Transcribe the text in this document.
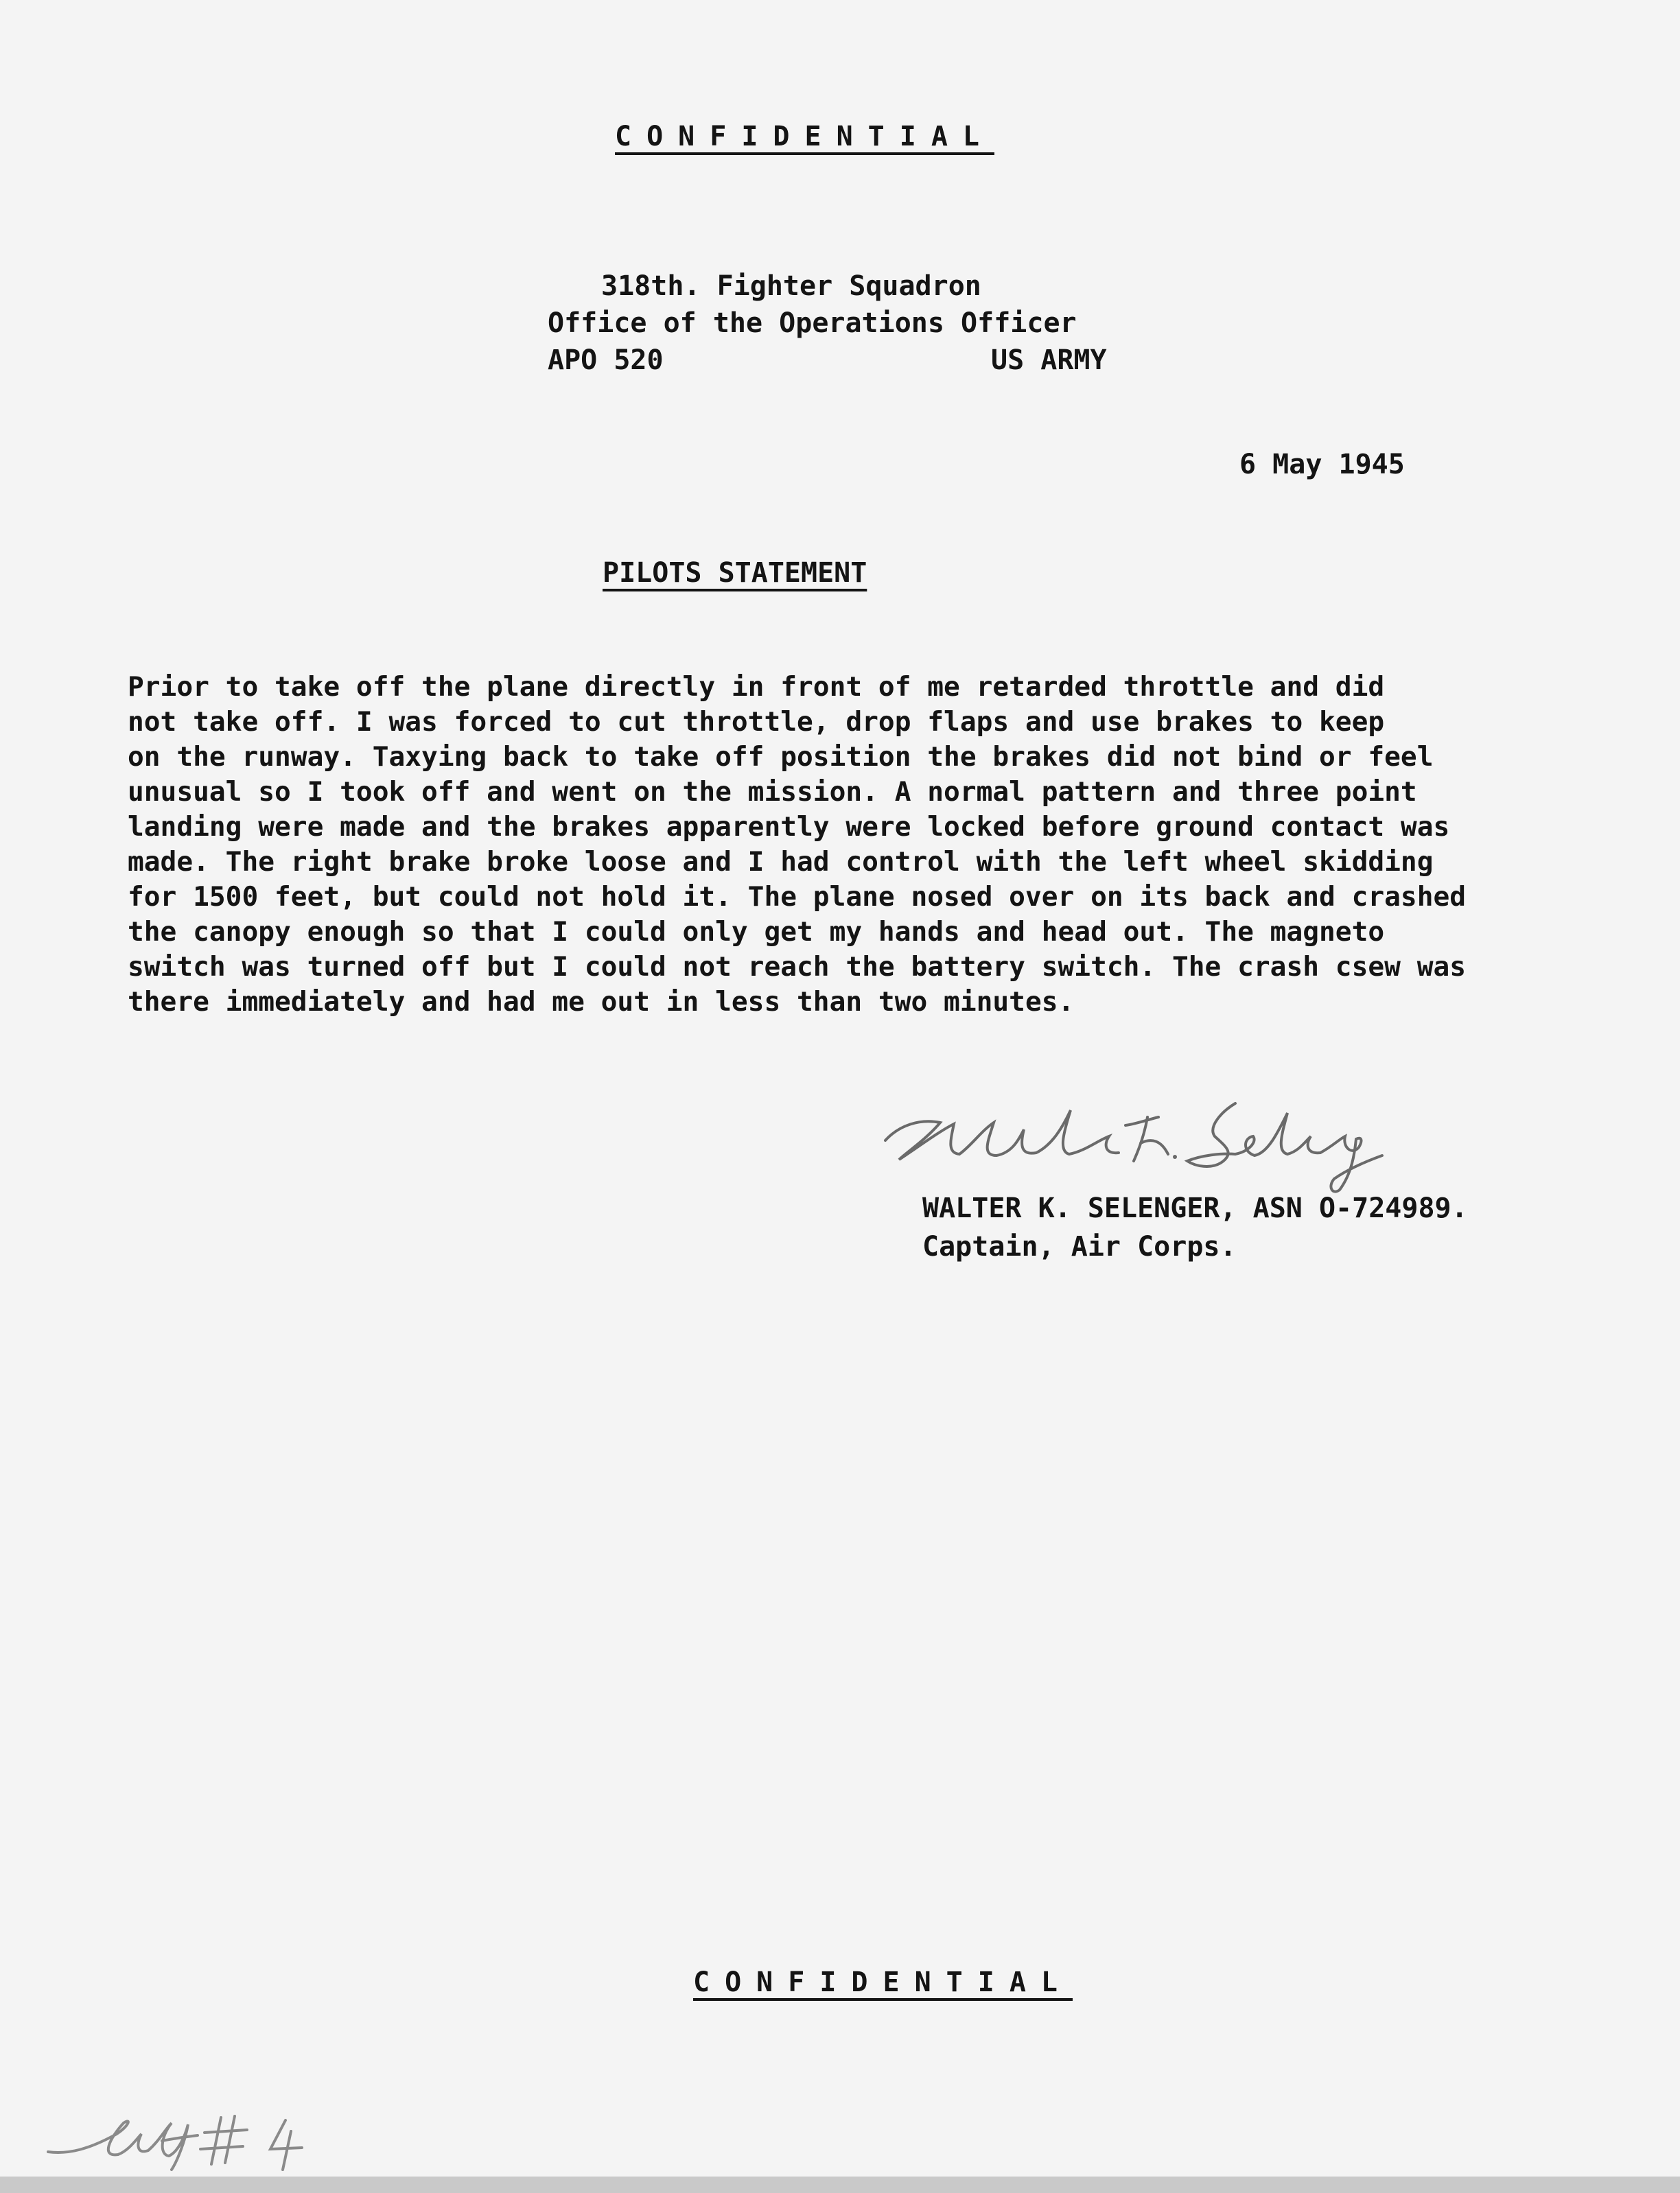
CONFIDENTIAL
318th. Fighter Squadron
Office of the Operations Officer
APO 520	US ARMY
6 May 1945
PILOTS STATEMENT
Prior to take off the plane directly in front of me retarded throttle and did
not take off. I was forced to cut throttle, drop flaps and use brakes to keep
on the runway. Taxying back to take off position the brakes did not bind or feel
unusual so I took off and went on the mission. A normal pattern and three point
landing were made and the brakes apparently were locked before ground contact was
made. The right brake broke loose and I had control with the left wheel skidding
for 1500 feet, but could not hold it. The plane nosed over on its back and crashed
the canopy enough so that I could only get my hands and head out. The magneto
switch was turned off but I could not reach the battery switch. The crash csew was
there immediately and had me out in less than two minutes.
WALTER K. SELENGER, ASN O-724989.
Captain, Air Corps.
CONFIDENTIAL
